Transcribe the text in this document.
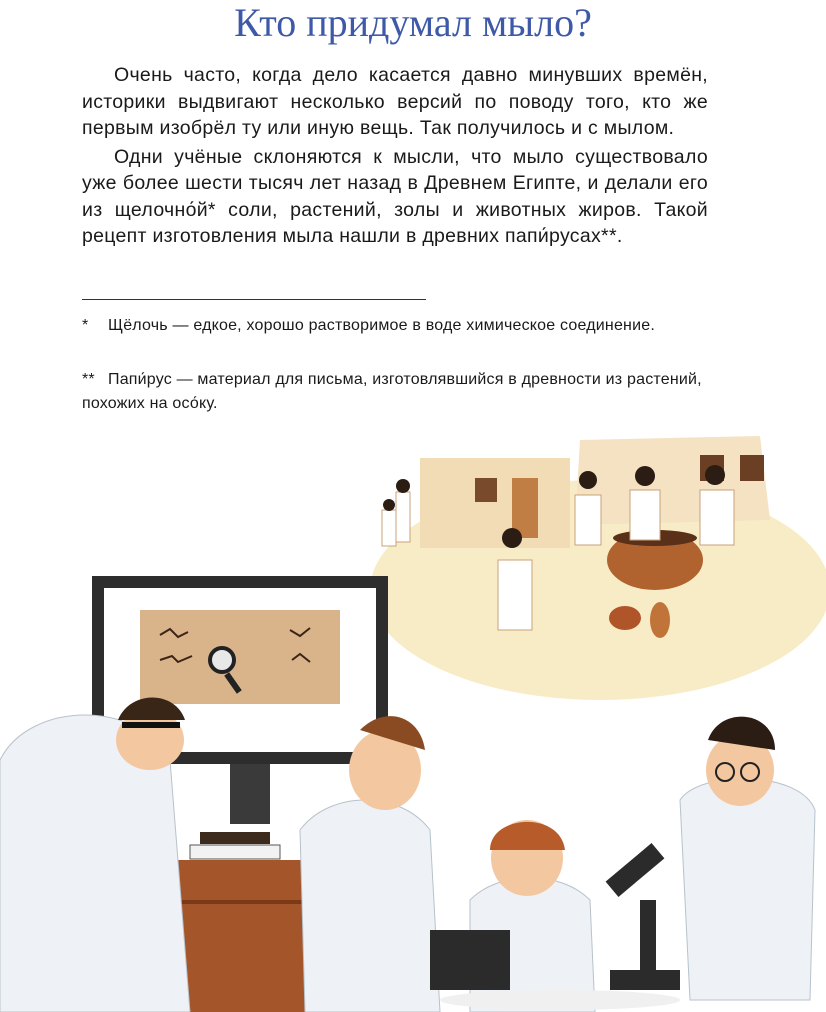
Кто придумал мыло?

Очень часто, когда дело касается давно минувших времён, историки выдвигают несколько версий по поводу того, кто же первым изобрёл ту или иную вещь. Так получилось и с мылом.

Одни учёные склоняются к мысли, что мыло существовало уже более шести тысяч лет назад в Древнем Египте, и делали его из щелочно́й* соли, растений, золы и животных жиров. Такой рецепт изготовления мыла нашли в древних папи́русах**.

* Щёлочь — едкое, хорошо растворимое в воде химическое соединение.
** Папи́рус — материал для письма, изготовлявшийся в древности из растений, похожих на осо́ку.
